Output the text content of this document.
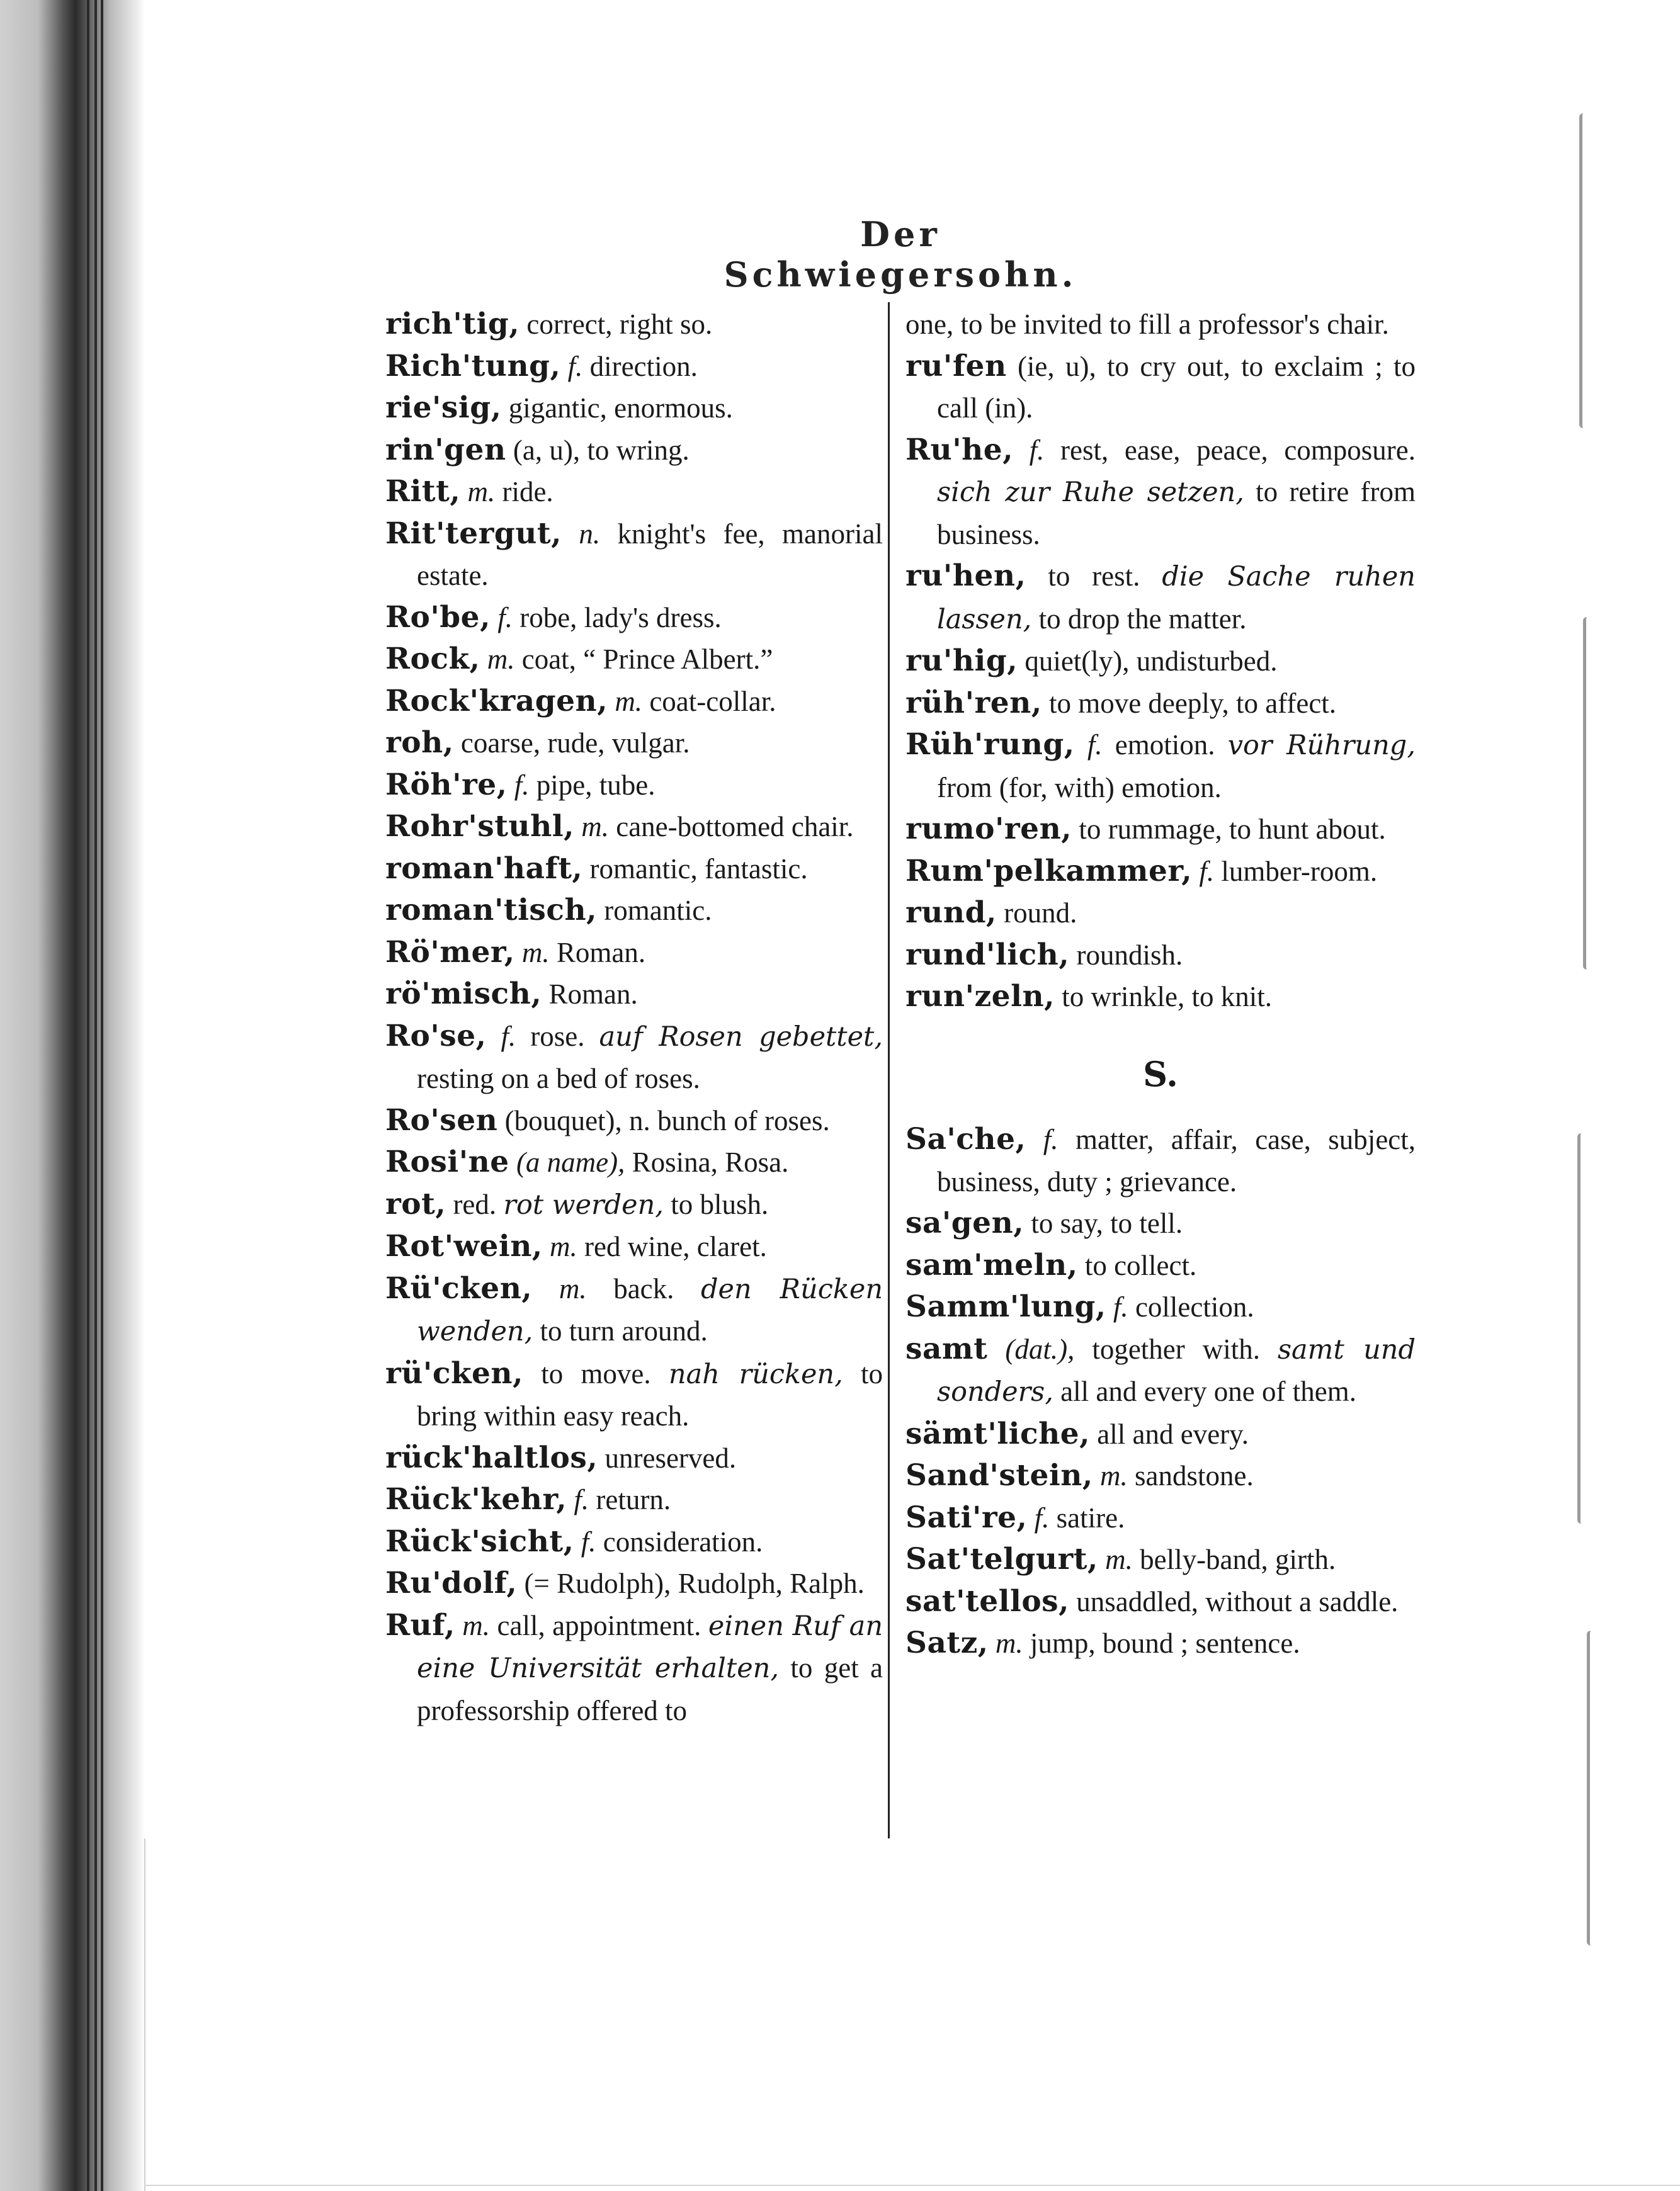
Der Schwiegersohn.
rich'tig, correct, right so.
Rich'tung, f. direction.
rie'sig, gigantic, enormous.
rin'gen (a, u), to wring.
Ritt, m. ride.
Rit'tergut, n. knight's fee, manorial estate.
Ro'be, f. robe, lady's dress.
Rock, m. coat, “ Prince Albert.”
Rock'kragen, m. coat-collar.
roh, coarse, rude, vulgar.
Röh're, f. pipe, tube.
Rohr'stuhl, m. cane-bottomed chair.
roman'haft, romantic, fantastic.
roman'tisch, romantic.
Rö'mer, m. Roman.
rö'misch, Roman.
Ro'se, f. rose. auf Rosen gebettet, resting on a bed of roses.
Ro'sen (bouquet), n. bunch of roses.
Rosi'ne (a name), Rosina, Rosa.
rot, red. rot werden, to blush.
Rot'wein, m. red wine, claret.
Rü'cken, m. back. den Rücken wenden, to turn around.
rü'cken, to move. nah rücken, to bring within easy reach.
rück'haltlos, unreserved.
Rück'kehr, f. return.
Rück'sicht, f. consideration.
Ru'dolf, (= Rudolph), Rudolph, Ralph.
Ruf, m. call, appointment. einen Ruf an eine Universität erhalten, to get a professorship offered to
one, to be invited to fill a professor's chair.
ru'fen (ie, u), to cry out, to exclaim ; to call (in).
Ru'he, f. rest, ease, peace, composure. sich zur Ruhe setzen, to retire from business.
ru'hen, to rest. die Sache ruhen lassen, to drop the matter.
ru'hig, quiet(ly), undisturbed.
rüh'ren, to move deeply, to affect.
Rüh'rung, f. emotion. vor Rührung, from (for, with) emotion.
rumo'ren, to rummage, to hunt about.
Rum'pelkammer, f. lumber-room.
rund, round.
rund'lich, roundish.
run'zeln, to wrinkle, to knit.
S.
Sa'che, f. matter, affair, case, subject, business, duty ; grievance.
sa'gen, to say, to tell.
sam'meln, to collect.
Samm'lung, f. collection.
samt (dat.), together with. samt und sonders, all and every one of them.
sämt'liche, all and every.
Sand'stein, m. sandstone.
Sati're, f. satire.
Sat'telgurt, m. belly-band, girth.
sat'tellos, unsaddled, without a saddle.
Satz, m. jump, bound ; sentence.
